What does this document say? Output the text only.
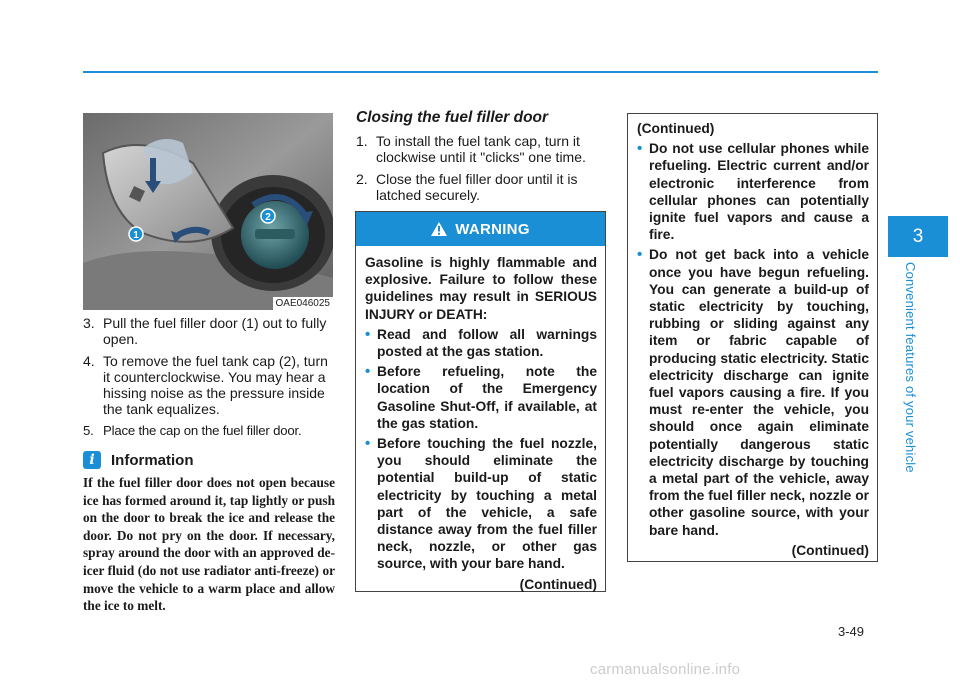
1
2
OAE046025
3. Pull the fuel filler door (1) out to fully open.
4. To remove the fuel tank cap (2), turn it counterclockwise. You may hear a hissing noise as the pressure inside the tank equalizes.
5. Place the cap on the fuel filler door.
i	Information
If the fuel filler door does not open because ice has formed around it, tap lightly or push on the door to break the ice and release the door. Do not pry on the door. If necessary, spray around the door with an approved de-icer fluid (do not use radiator anti-freeze) or move the vehicle to a warm place and allow the ice to melt.
Closing the fuel filler door
1. To install the fuel tank cap, turn it clockwise until it "clicks" one time.
2. Close the fuel filler door until it is latched securely.
WARNING
Gasoline is highly flammable and explosive. Failure to follow these guidelines may result in SERIOUS INJURY or DEATH:
• Read and follow all warnings posted at the gas station.
• Before refueling, note the location of the Emergency Gasoline Shut-Off, if available, at the gas station.
• Before touching the fuel nozzle, you should eliminate the potential build-up of static electricity by touching a metal part of the vehicle, a safe distance away from the fuel filler neck, nozzle, or other gas source, with your bare hand.
(Continued)
(Continued)
• Do not use cellular phones while refueling. Electric current and/or electronic interference from cellular phones can potentially ignite fuel vapors and cause a fire.
• Do not get back into a vehicle once you have begun refueling. You can generate a build-up of static electricity by touching, rubbing or sliding against any item or fabric capable of producing static electricity. Static electricity discharge can ignite fuel vapors causing a fire. If you must re-enter the vehicle, you should once again eliminate potentially dangerous static electricity discharge by touching a metal part of the vehicle, away from the fuel filler neck, nozzle or other gasoline source, with your bare hand.
(Continued)
3
Convenient features of your vehicle
3-49
carmanualsonline.info
